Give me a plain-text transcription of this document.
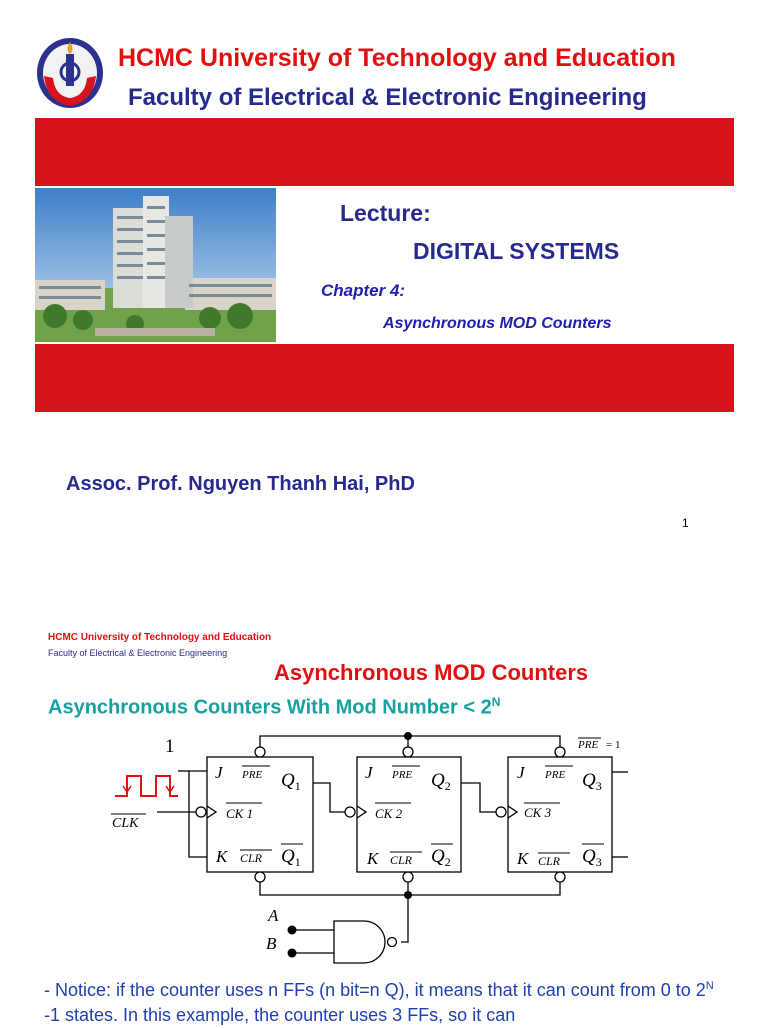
HCMC University of Technology and Education
Faculty of Electrical & Electronic Engineering
Lecture:
DIGITAL SYSTEMS
Chapter 4:
Asynchronous MOD Counters
Assoc. Prof. Nguyen Thanh Hai, PhD
1
HCMC University of Technology and Education
Faculty of Electrical & Electronic Engineering
Asynchronous MOD Counters
Asynchronous Counters With Mod Number < $2^N$
1
CLK
PRE = 1
J PRE $Q_1$
CK 1
K CLR $Q_1$
J PRE $Q_2$
CK 2
K CLR $Q_2$
J PRE $Q_3$
CK 3
K CLR $Q_3$
A
B
- Notice: if the counter uses n FFs (n bit=n Q), it means that it can count from 0 to $2^N$ -1 states. In this example, the counter uses 3 FFs, so it can
